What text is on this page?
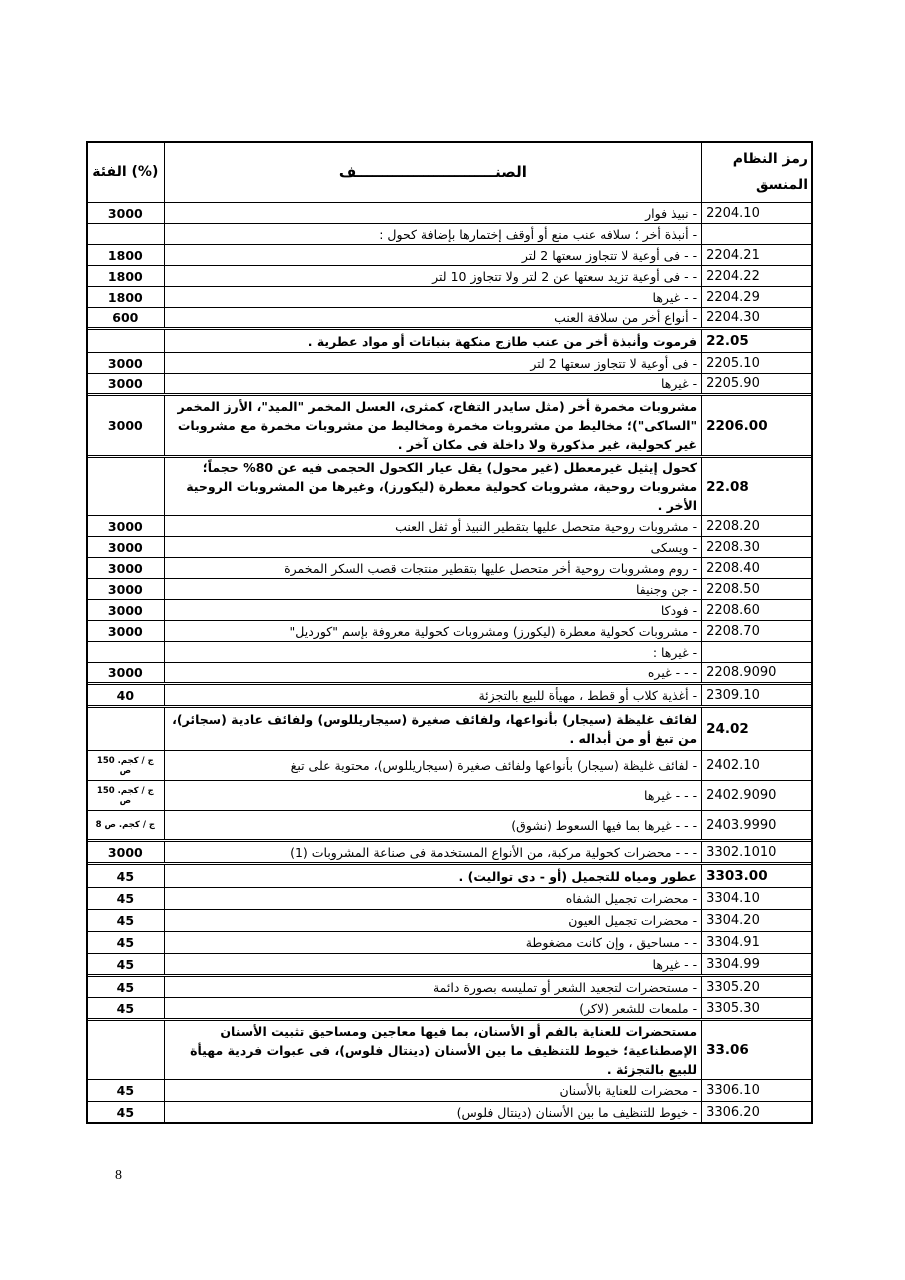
رمز النظام المنسق	الصنـــــــــــــــــــــــــــف	الفئة (%)
2204.10	- نبيذ فوار	3000
	- أنبذة أخر ؛ سلافه عنب منع أو أوقف إختمارها بإضافة كحول :	
2204.21	- - فى أوعية لا تتجاوز سعتها 2 لتر	1800
2204.22	- - فى أوعية تزيد سعتها عن 2 لتر ولا تتجاوز 10 لتر	1800
2204.29	- - غيرها	1800
2204.30	- أنواع أخر من سلافة العنب	600
22.05	فرموت وأنبذة أخر من عنب طازج منكهة بنباتات أو مواد عطرية .	
2205.10	- فى أوعية لا تتجاوز سعتها 2 لتر	3000
2205.90	- غيرها	3000
2206.00	مشروبات مخمرة أخر (مثل سايدر التفاح، كمثرى، العسل المخمر "الميد"، الأرز المخمر "الساكى")؛ مخاليط من مشروبات مخمرة ومخاليط من مشروبات مخمرة مع مشروبات غير كحولية، غير مذكورة ولا داخلة فى مكان آخر .	3000
22.08	كحول إيثيل غيرمعطل (غير محول) يقل عيار الكحول الحجمى فيه عن 80% حجماً؛ مشروبات روحية، مشروبات كحولية معطرة (ليكورز)، وغيرها من المشروبات الروحية الأخر .	
2208.20	- مشروبات روحية متحصل عليها بتقطير النبيذ أو ثفل العنب	3000
2208.30	- ويسكى	3000
2208.40	- روم ومشروبات روحية أخر متحصل عليها بتقطير منتجات قصب السكر المخمرة	3000
2208.50	- جن وجنيفا	3000
2208.60	- فودكا	3000
2208.70	- مشروبات كحولية معطرة (ليكورز) ومشروبات كحولية معروفة بإسم "كورديل"	3000
	- غيرها :	
2208.9090	- - - غيره	3000
2309.10	- أغذية كلاب أو قطط ، مهيأة للبيع بالتجزئة	40
24.02	لفائف غليظة (سيجار) بأنواعها، ولفائف صغيرة (سيجاريللوس) ولفائف عادية (سجائر)، من تبغ أو من أبداله .	
2402.10	- لفائف غليظة (سيجار) بأنواعها ولفائف صغيرة (سيجاريللوس)، محتوية على تبغ	150 ج / كجم. ص
2402.9090	- - - غيرها	150 ج / كجم. ص
2403.9990	- - - غيرها بما فيها السعوط (نشوق)	8 ج / كجم. ص
3302.1010	- - - محضرات كحولية مركبة، من الأنواع المستخدمة فى صناعة المشروبات (1)	3000
3303.00	عطور ومياه للتجميل (أو - دى تواليت) .	45
3304.10	- محضرات تجميل الشفاه	45
3304.20	- محضرات تجميل العيون	45
3304.91	- - مساحيق ، وإن كانت مضغوطة	45
3304.99	- - غيرها	45
3305.20	- مستحضرات لتجعيد الشعر أو تمليسه بصورة دائمة	45
3305.30	- ملمعات للشعر (لاكر)	45
33.06	مستحضرات للعناية بالفم أو الأسنان، بما فيها معاجين ومساحيق تثبيت الأسنان الإصطناعية؛ خيوط للتنظيف ما بين الأسنان (دينتال فلوس)، فى عبوات فردية مهيأة للبيع بالتجزئة .	
3306.10	- محضرات للعناية بالأسنان	45
3306.20	- خيوط للتنظيف ما بين الأسنان (دينتال فلوس)	45
8
